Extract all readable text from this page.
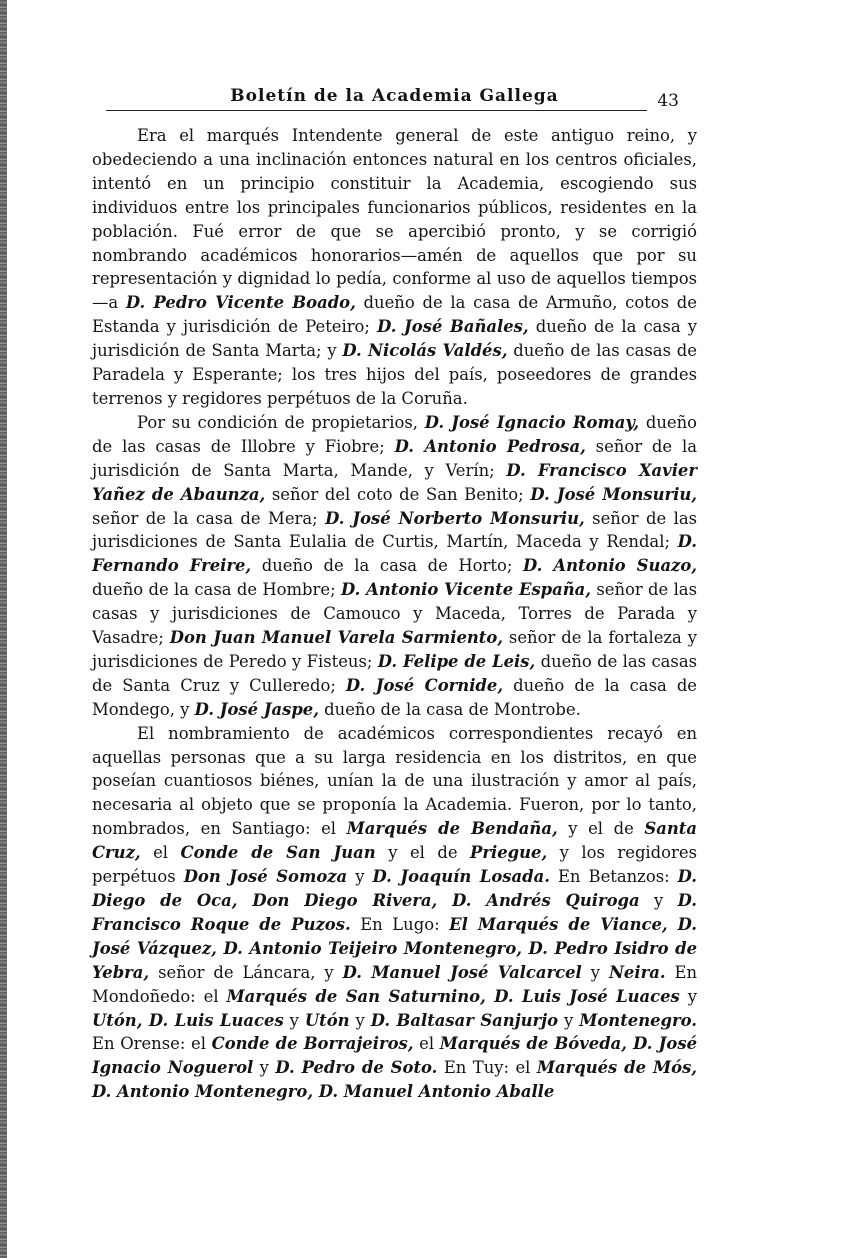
Boletín de la Academia Gallega	43

Era el marqués Intendente general de este antiguo reino, y obedeciendo a una inclinación entonces natural en los centros oficiales, intentó en un principio constituir la Academia, escogiendo sus individuos entre los principales funcionarios públicos, residentes en la población. Fué error de que se apercibió pronto, y se corrigió nombrando académicos honorarios—amén de aquellos que por su representación y dignidad lo pedía, conforme al uso de aquellos tiempos—a D. Pedro Vicente Boado, dueño de la casa de Armuño, cotos de Estanda y jurisdición de Peteiro; D. José Bañales, dueño de la casa y jurisdición de Santa Marta; y D. Nicolás Valdés, dueño de las casas de Paradela y Esperante; los tres hijos del país, poseedores de grandes terrenos y regidores perpétuos de la Coruña.

Por su condición de propietarios, D. José Ignacio Romay, dueño de las casas de Illobre y Fiobre; D. Antonio Pedrosa, señor de la jurisdición de Santa Marta, Mande, y Verín; D. Francisco Xavier Yañez de Abaunza, señor del coto de San Benito; D. José Monsuriu, señor de la casa de Mera; D. José Norberto Monsuriu, señor de las jurisdiciones de Santa Eulalia de Curtis, Martín, Maceda y Rendal; D. Fernando Freire, dueño de la casa de Horto; D. Antonio Suazo, dueño de la casa de Hombre; D. Antonio Vicente España, señor de las casas y jurisdiciones de Camouco y Maceda, Torres de Parada y Vasadre; Don Juan Manuel Varela Sarmiento, señor de la fortaleza y jurisdiciones de Peredo y Fisteus; D. Felipe de Leis, dueño de las casas de Santa Cruz y Culleredo; D. José Cornide, dueño de la casa de Mondego, y D. José Jaspe, dueño de la casa de Montrobe.

El nombramiento de académicos correspondientes recayó en aquellas personas que a su larga residencia en los distritos, en que poseían cuantiosos biénes, unían la de una ilustración y amor al país, necesaria al objeto que se proponía la Academia. Fueron, por lo tanto, nombrados, en Santiago: el Marqués de Bendaña, y el de Santa Cruz, el Conde de San Juan y el de Priegue, y los regidores perpétuos Don José Somoza y D. Joaquín Losada. En Betanzos: D. Diego de Oca, Don Diego Rivera, D. Andrés Quiroga y D. Francisco Roque de Puzos. En Lugo: El Marqués de Viance, D. José Vázquez, D. Antonio Teijeiro Montenegro, D. Pedro Isidro de Yebra, señor de Láncara, y D. Manuel José Valcarcel y Neira. En Mondoñedo: el Marqués de San Saturnino, D. Luis José Luaces y Utón, D. Luis Luaces y Utón y D. Baltasar Sanjurjo y Montenegro. En Orense: el Conde de Borrajeiros, el Marqués de Bóveda, D. José Ignacio Noguerol y D. Pedro de Soto. En Tuy: el Marqués de Mós, D. Antonio Montenegro, D. Manuel Antonio Aballe
